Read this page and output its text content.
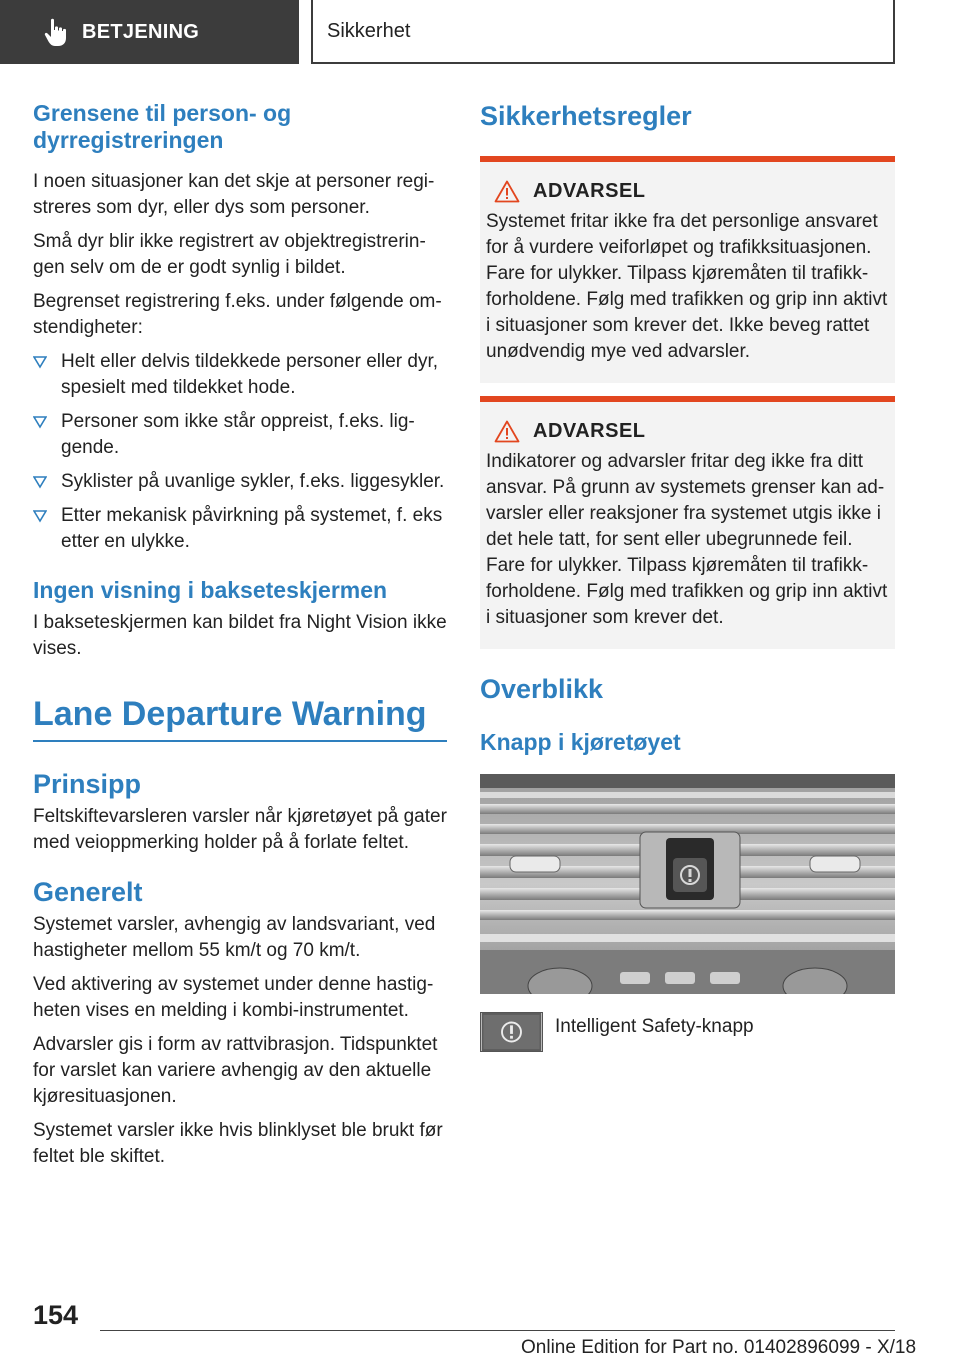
BETJENING	Sikkerhet
Grensene til person- og dyrregistreringen

I noen situasjoner kan det skje at personer registreres som dyr, eller dys som personer.

Små dyr blir ikke registrert av objektregistreringen selv om de er godt synlig i bildet.

Begrenset registrering f.eks. under følgende omstendigheter:

Helt eller delvis tildekkede personer eller dyr, spesielt med tildekket hode.
Personer som ikke står oppreist, f.eks. liggende.
Syklister på uvanlige sykler, f.eks. liggesykler.
Etter mekanisk påvirkning på systemet, f. eks etter en ulykke.
Ingen visning i bakseteskjermen

I bakseteskjermen kan bildet fra Night Vision ikke vises.

Lane Departure Warning
Prinsipp

Feltskiftevarsleren varsler når kjøretøyet på gater med veioppmerking holder på å forlate feltet.

Generelt

Systemet varsler, avhengig av landsvariant, ved hastigheter mellom 55 km/t og 70 km/t.

Ved aktivering av systemet under denne hastigheten vises en melding i kombi-instrumentet.

Advarsler gis i form av rattvibrasjon. Tidspunktet for varslet kan variere avhengig av den aktuelle kjøresituasjonen.

Systemet varsler ikke hvis blinklyset ble brukt før feltet ble skiftet.

Sikkerhetsregler
ADVARSEL

Systemet fritar ikke fra det personlige ansvaret for å vurdere veiforløpet og trafikksituasjonen. Fare for ulykker. Tilpass kjøremåten til trafikkforholdene. Følg med trafikken og grip inn aktivt i situasjoner som krever det. Ikke beveg rattet unødvendig mye ved advarsler.

ADVARSEL

Indikatorer og advarsler fritar deg ikke fra ditt ansvar. På grunn av systemets grenser kan advarsler eller reaksjoner fra systemet utgis ikke i det hele tatt, for sent eller ubegrunnede feil. Fare for ulykker. Tilpass kjøremåten til trafikkforholdene. Følg med trafikken og grip inn aktivt i situasjoner som krever det.

Overblikk
Knapp i kjøretøyet
Intelligent Safety-knapp
154
Online Edition for Part no. 01402896099 - X/18
